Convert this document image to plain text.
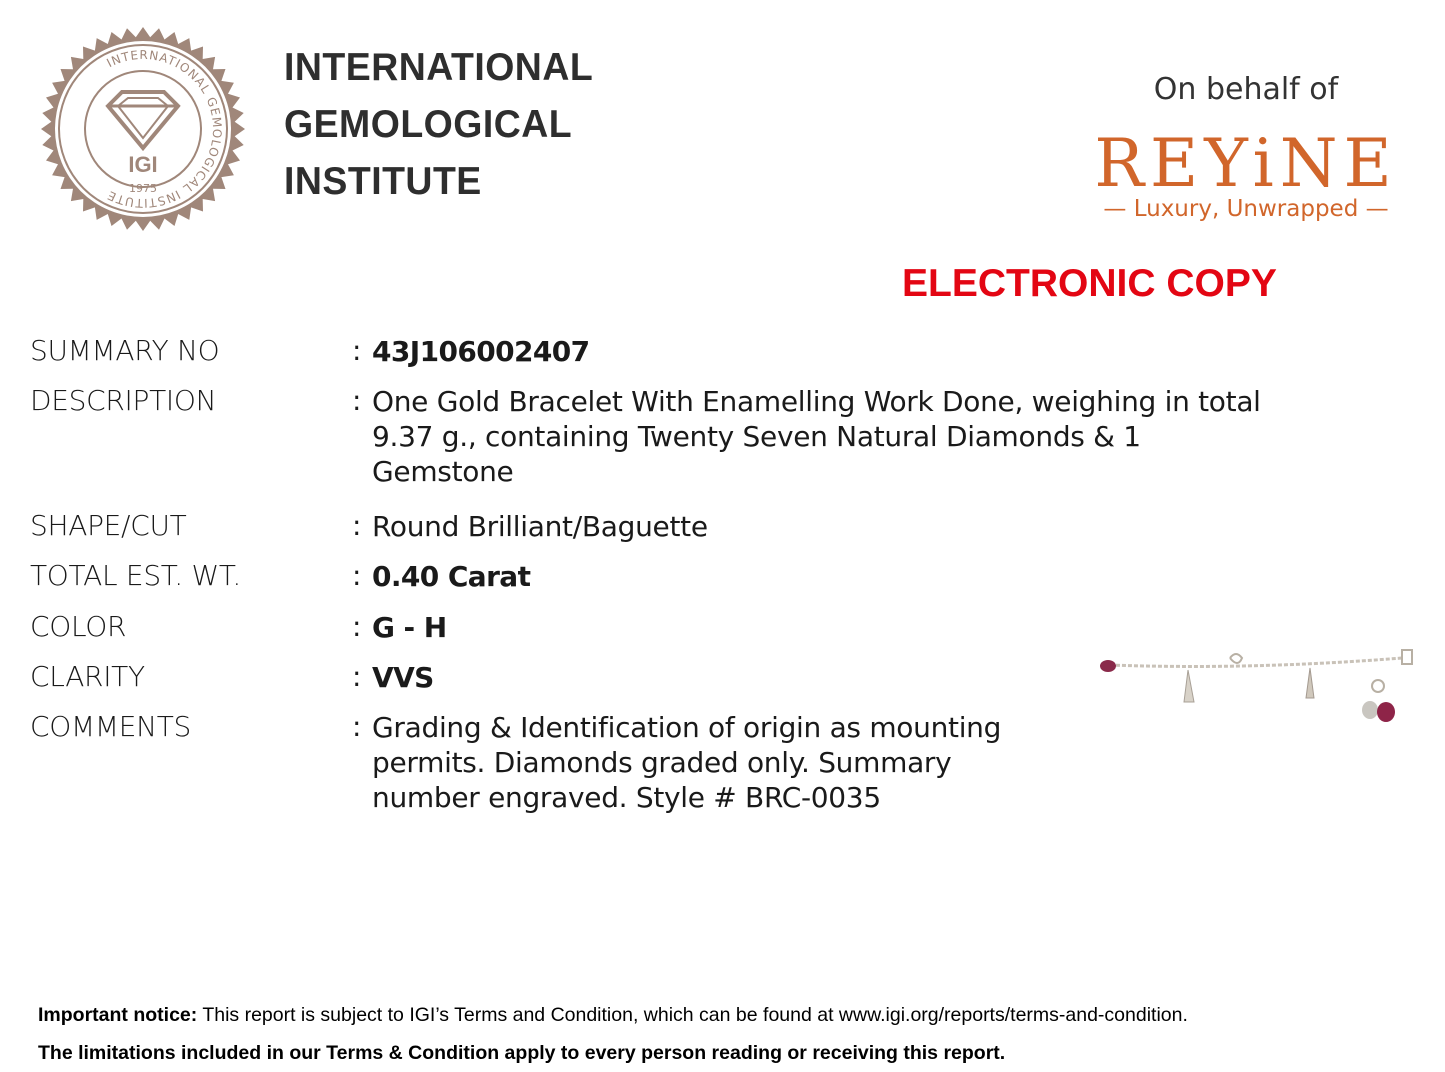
INTERNATIONAL GEMOLOGICAL INSTITUTE
IGI
1975
INTERNATIONAL
GEMOLOGICAL
INSTITUTE
On behalf of
REYiNE
— Luxury, Unwrapped —
ELECTRONIC COPY
SUMMARY NO	: 43J106002407
DESCRIPTION	: One Gold Bracelet With Enamelling Work Done, weighing in total
9.37 g., containing Twenty Seven Natural Diamonds & 1
Gemstone
SHAPE/CUT	: Round Brilliant/Baguette
TOTAL EST. WT.	: 0.40 Carat
COLOR	: G - H
CLARITY	: VVS
COMMENTS	: Grading & Identification of origin as mounting
permits. Diamonds graded only. Summary
number engraved. Style # BRC-0035
Important notice: This report is subject to IGI’s Terms and Condition, which can be found at www.igi.org/reports/terms-and-condition.
The limitations included in our Terms & Condition apply to every person reading or receiving this report.
